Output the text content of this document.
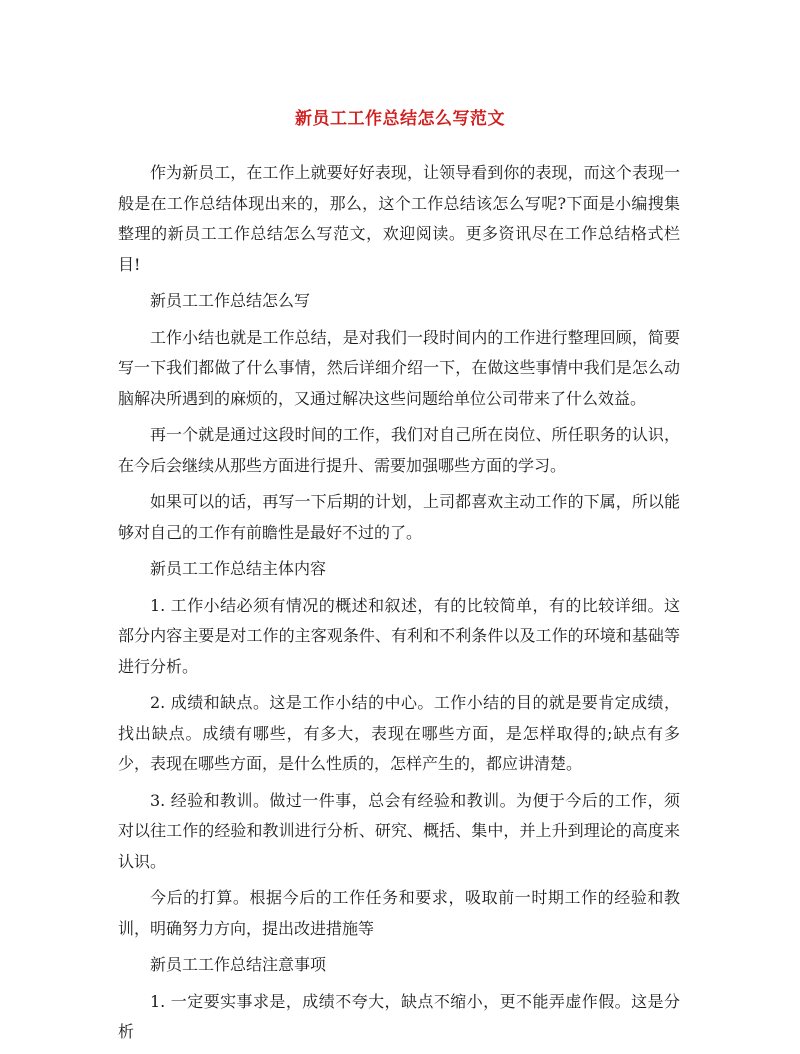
新员工工作总结怎么写范文

作为新员工，在工作上就要好好表现，让领导看到你的表现，而这个表现一般是在工作总结体现出来的，那么，这个工作总结该怎么写呢?下面是小编搜集整理的新员工工作总结怎么写范文，欢迎阅读。更多资讯尽在工作总结格式栏目!

新员工工作总结怎么写

工作小结也就是工作总结，是对我们一段时间内的工作进行整理回顾，简要写一下我们都做了什么事情，然后详细介绍一下，在做这些事情中我们是怎么动脑解决所遇到的麻烦的，又通过解决这些问题给单位公司带来了什么效益。

再一个就是通过这段时间的工作，我们对自己所在岗位、所任职务的认识，在今后会继续从那些方面进行提升、需要加强哪些方面的学习。

如果可以的话，再写一下后期的计划，上司都喜欢主动工作的下属，所以能够对自己的工作有前瞻性是最好不过的了。

新员工工作总结主体内容

1. 工作小结必须有情况的概述和叙述，有的比较简单，有的比较详细。这部分内容主要是对工作的主客观条件、有利和不利条件以及工作的环境和基础等进行分析。

2. 成绩和缺点。这是工作小结的中心。工作小结的目的就是要肯定成绩，找出缺点。成绩有哪些，有多大，表现在哪些方面，是怎样取得的;缺点有多少，表现在哪些方面，是什么性质的，怎样产生的，都应讲清楚。

3. 经验和教训。做过一件事，总会有经验和教训。为便于今后的工作，须对以往工作的经验和教训进行分析、研究、概括、集中，并上升到理论的高度来认识。

今后的打算。根据今后的工作任务和要求，吸取前一时期工作的经验和教训，明确努力方向，提出改进措施等

新员工工作总结注意事项

1. 一定要实事求是，成绩不夸大，缺点不缩小，更不能弄虚作假。这是分析
